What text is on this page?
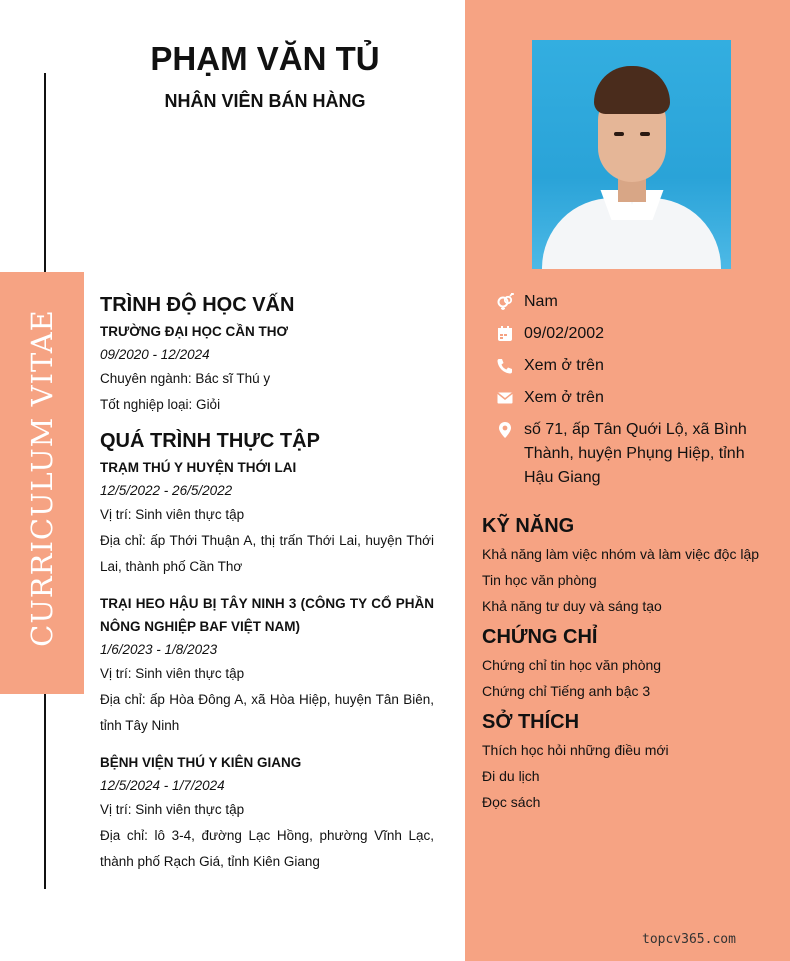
CURRICULUM VITAE
PHẠM VĂN TỦ
NHÂN VIÊN BÁN HÀNG
TRÌNH ĐỘ HỌC VẤN
TRƯỜNG ĐẠI HỌC CẦN THƠ
09/2020 - 12/2024
Chuyên ngành: Bác sĩ Thú y
Tốt nghiệp loại: Giỏi
QUÁ TRÌNH THỰC TẬP
TRẠM THÚ Y HUYỆN THỚI LAI
12/5/2022 - 26/5/2022
Vị trí: Sinh viên thực tập
Địa chỉ: ấp Thới Thuận A, thị trấn Thới Lai, huyện Thới Lai, thành phố Cần Thơ
TRẠI HEO HẬU BỊ TÂY NINH 3 (CÔNG TY CỔ PHẦN NÔNG NGHIỆP BAF VIỆT NAM)
1/6/2023 - 1/8/2023
Vị trí: Sinh viên thực tập
Địa chỉ: ấp Hòa Đông A, xã Hòa Hiệp, huyện Tân Biên, tỉnh Tây Ninh
BỆNH VIỆN THÚ Y KIÊN GIANG
12/5/2024 - 1/7/2024
Vị trí: Sinh viên thực tập
Địa chỉ: lô 3-4, đường Lạc Hồng, phường Vĩnh Lạc, thành phố Rạch Giá, tỉnh Kiên Giang
Nam
09/02/2002
Xem ở trên
Xem ở trên
số 71, ấp Tân Quới Lộ, xã Bình Thành, huyện Phụng Hiệp, tỉnh Hậu Giang
KỸ NĂNG
Khả năng làm việc nhóm và làm việc độc lập
Tin học văn phòng
Khả năng tư duy và sáng tạo
CHỨNG CHỈ
Chứng chỉ tin học văn phòng
Chứng chỉ Tiếng anh bậc 3
SỞ THÍCH
Thích học hỏi những điều mới
Đi du lịch
Đọc sách
topcv365.com
